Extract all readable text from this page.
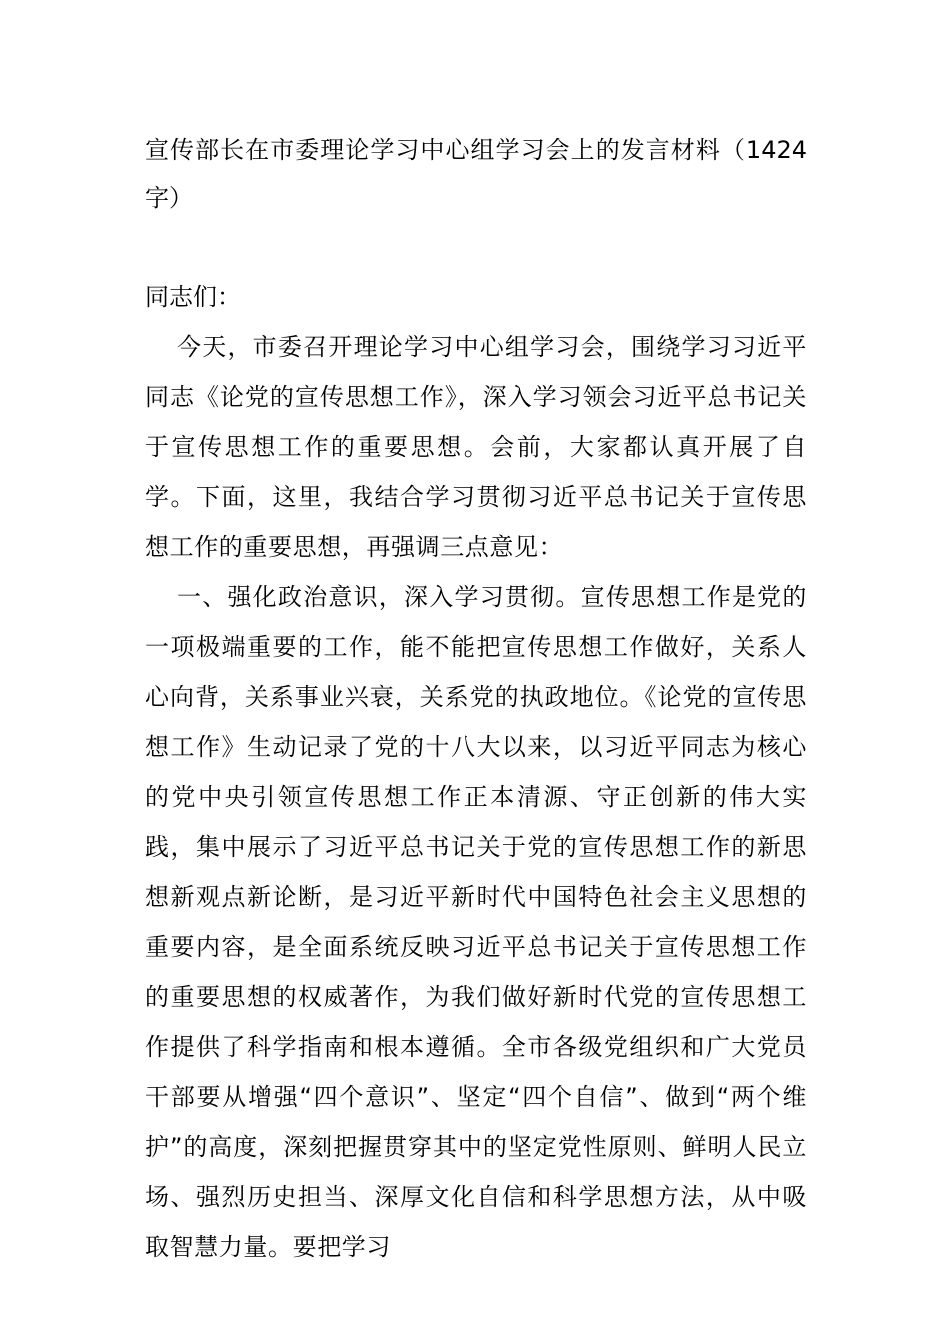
宣传部长在市委理论学习中心组学习会上的发言材料（1424字）

同志们：

今天，市委召开理论学习中心组学习会，围绕学习习近平同志《论党的宣传思想工作》，深入学习领会习近平总书记关于宣传思想工作的重要思想。会前，大家都认真开展了自学。下面，这里，我结合学习贯彻习近平总书记关于宣传思想工作的重要思想，再强调三点意见：

一、强化政治意识，深入学习贯彻。宣传思想工作是党的一项极端重要的工作，能不能把宣传思想工作做好，关系人心向背，关系事业兴衰，关系党的执政地位。《论党的宣传思想工作》生动记录了党的十八大以来，以习近平同志为核心的党中央引领宣传思想工作正本清源、守正创新的伟大实践，集中展示了习近平总书记关于党的宣传思想工作的新思想新观点新论断，是习近平新时代中国特色社会主义思想的重要内容，是全面系统反映习近平总书记关于宣传思想工作的重要思想的权威著作，为我们做好新时代党的宣传思想工作提供了科学指南和根本遵循。全市各级党组织和广大党员干部要从增强“四个意识”、坚定“四个自信”、做到“两个维护”的高度，深刻把握贯穿其中的坚定党性原则、鲜明人民立场、强烈历史担当、深厚文化自信和科学思想方法，从中吸取智慧力量。要把学习
